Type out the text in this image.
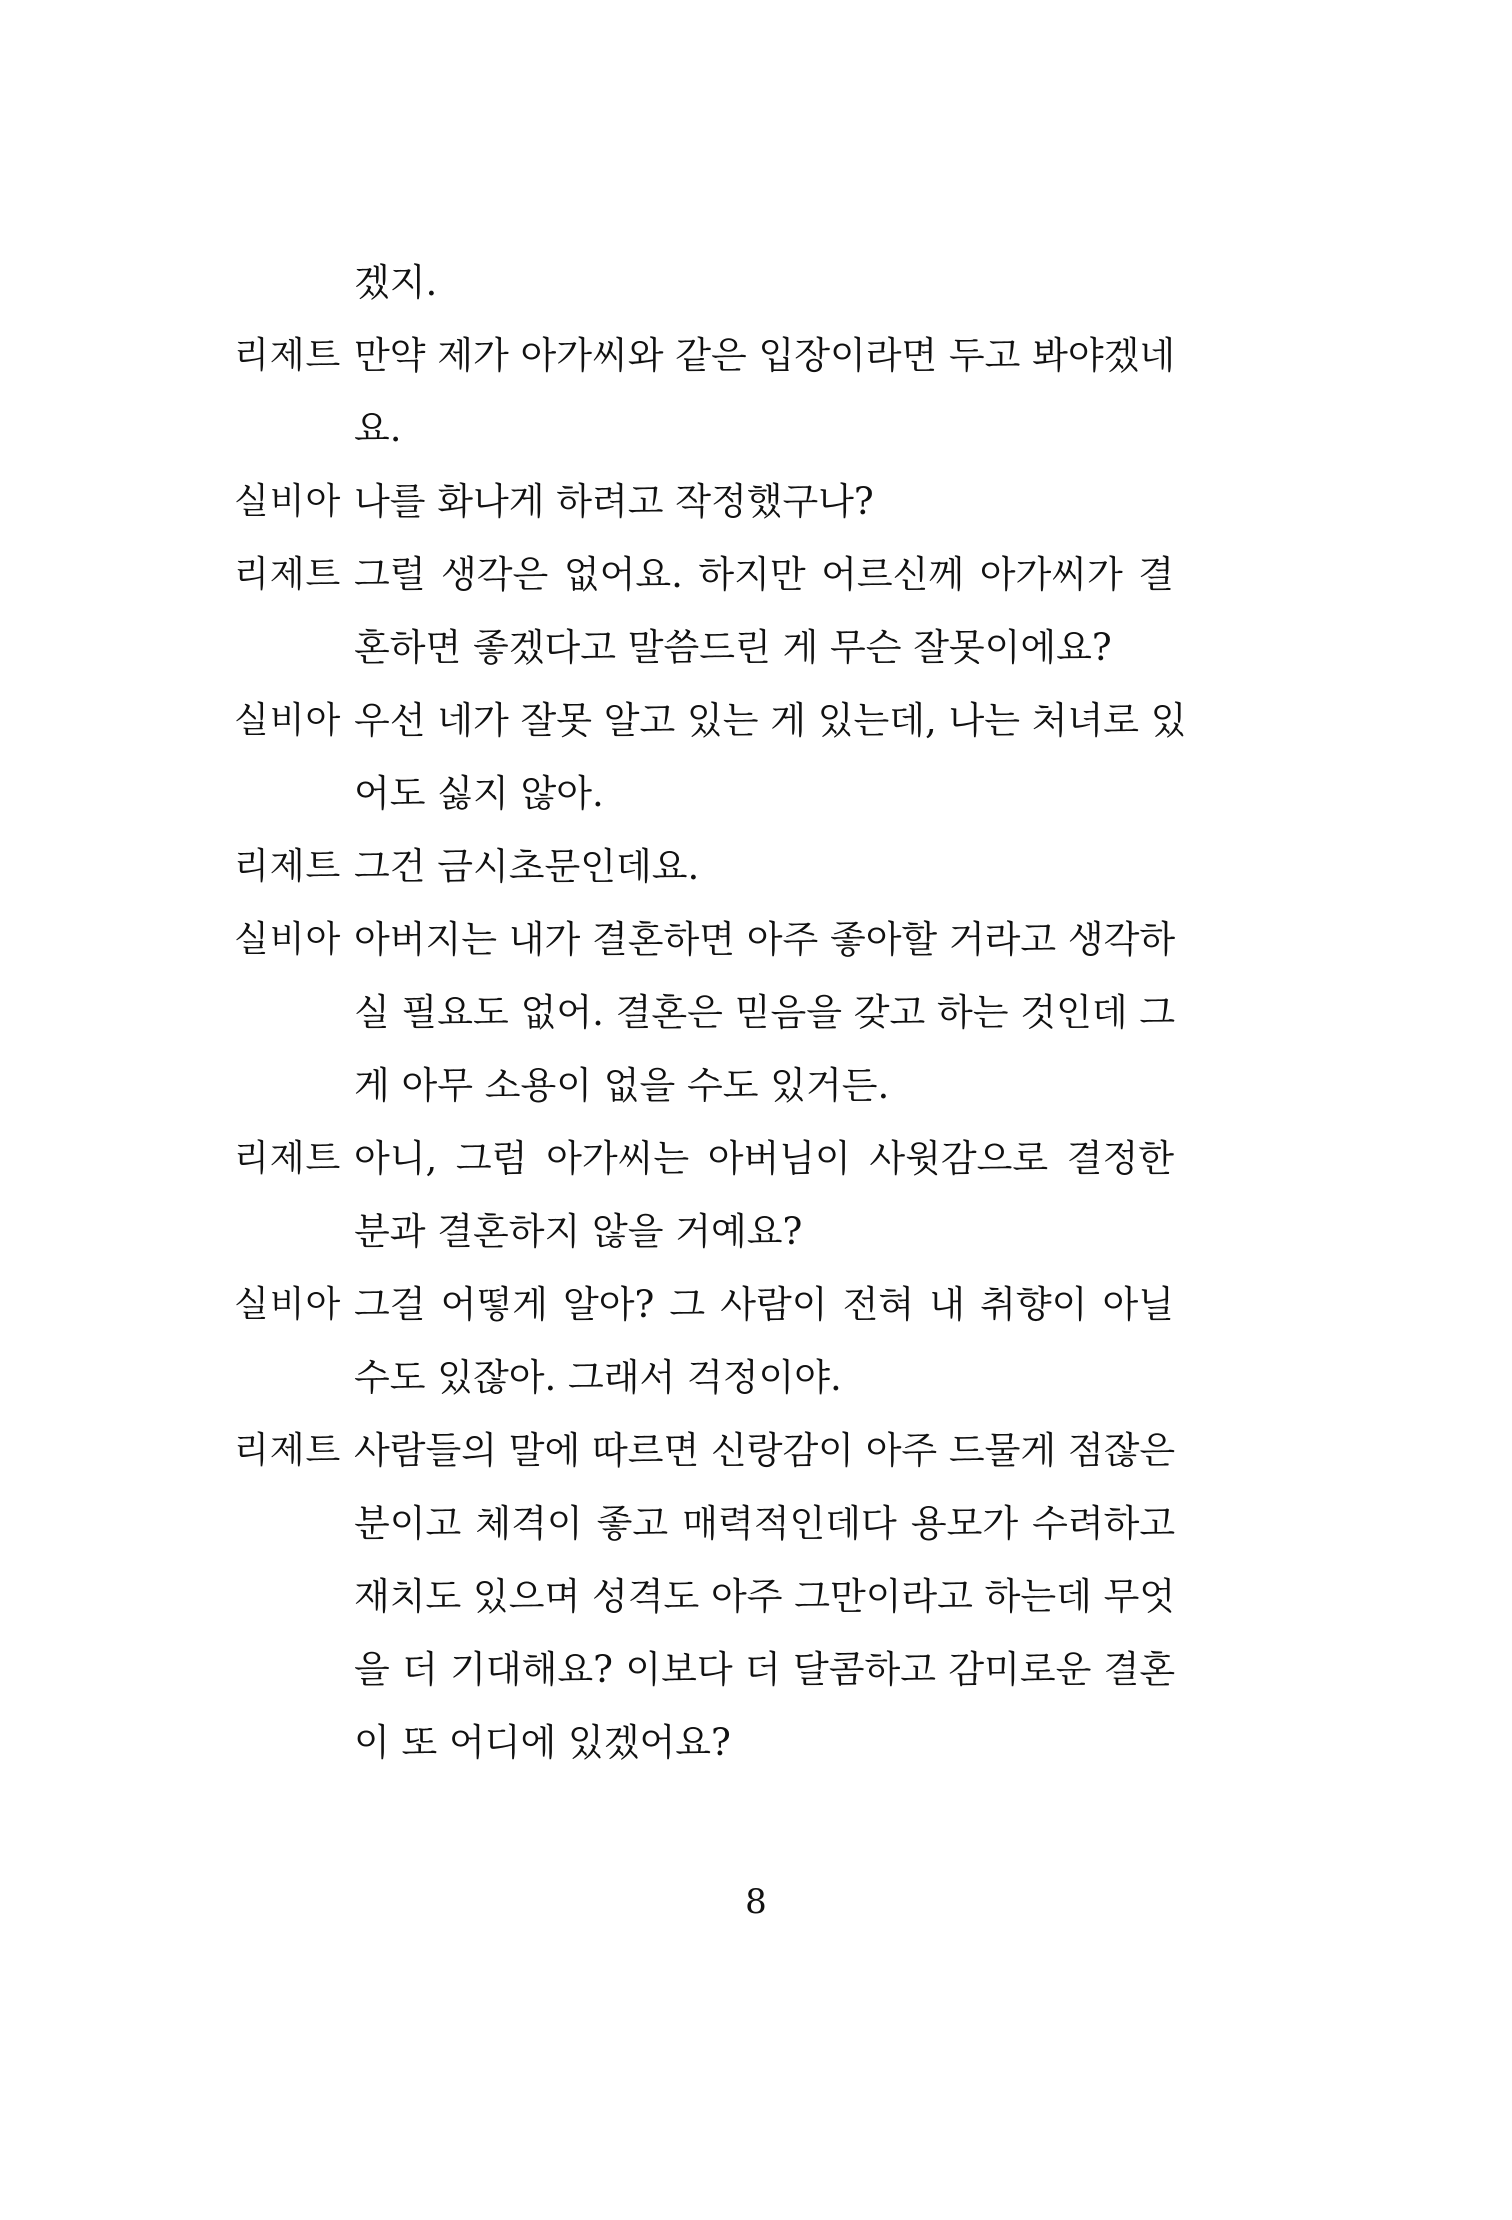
겠지.
리제트 만약 제가 아가씨와 같은 입장이라면 두고 봐야겠네
요.
실비아 나를 화나게 하려고 작정했구나?
리제트 그럴 생각은 없어요. 하지만 어르신께 아가씨가 결
혼하면 좋겠다고 말씀드린 게 무슨 잘못이에요?
실비아 우선 네가 잘못 알고 있는 게 있는데, 나는 처녀로 있
어도 싫지 않아.
리제트 그건 금시초문인데요.
실비아 아버지는 내가 결혼하면 아주 좋아할 거라고 생각하
실 필요도 없어. 결혼은 믿음을 갖고 하는 것인데 그
게 아무 소용이 없을 수도 있거든.
리제트 아니, 그럼 아가씨는 아버님이 사윗감으로 결정한
분과 결혼하지 않을 거예요?
실비아 그걸 어떻게 알아? 그 사람이 전혀 내 취향이 아닐
수도 있잖아. 그래서 걱정이야.
리제트 사람들의 말에 따르면 신랑감이 아주 드물게 점잖은
분이고 체격이 좋고 매력적인데다 용모가 수려하고
재치도 있으며 성격도 아주 그만이라고 하는데 무엇
을 더 기대해요? 이보다 더 달콤하고 감미로운 결혼
이 또 어디에 있겠어요?
8
